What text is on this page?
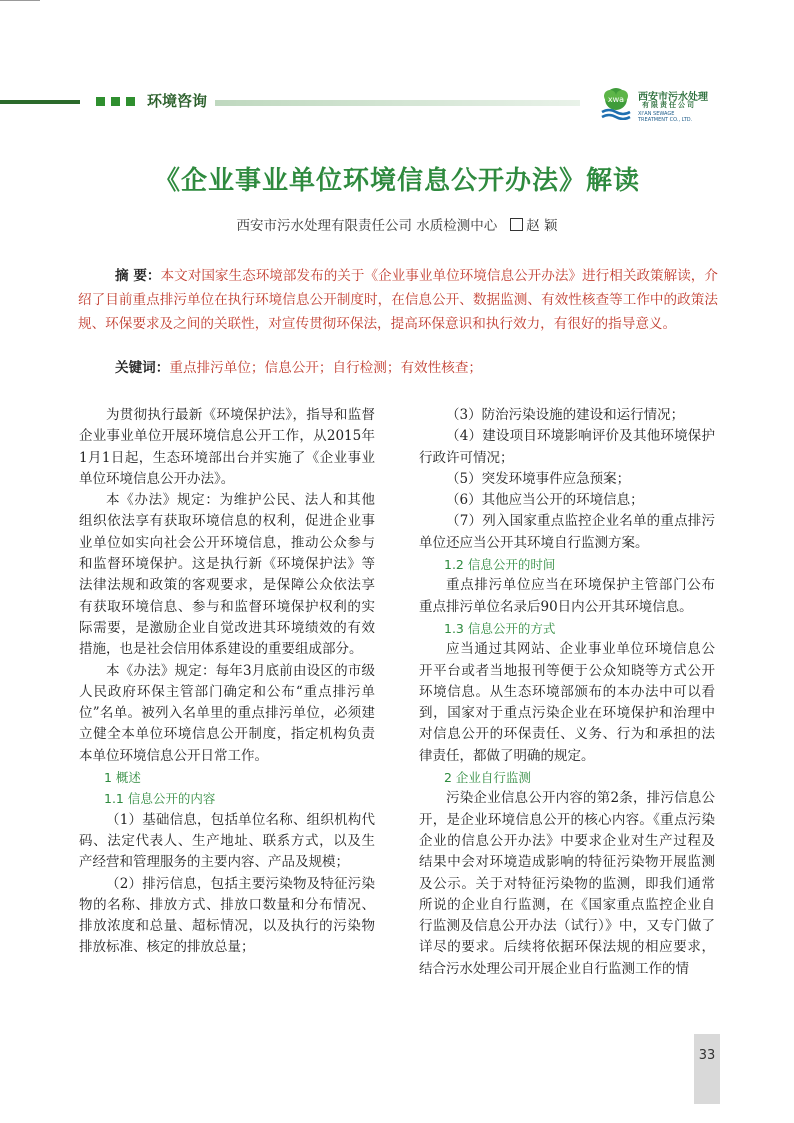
环境咨询	xwa 西安市污水处理
有限责任公司
XI'AN SEWAGE TREATMENT CO., LTD.
《企业事业单位环境信息公开办法》解读
西安市污水处理有限责任公司 水质检测中心 赵 颖
摘 要：本文对国家生态环境部发布的关于《企业事业单位环境信息公开办法》进行相关政策解读，介绍了目前重点排污单位在执行环境信息公开制度时，在信息公开、数据监测、有效性核查等工作中的政策法规、环保要求及之间的关联性，对宣传贯彻环保法，提高环保意识和执行效力，有很好的指导意义。
关键词：重点排污单位；信息公开；自行检测；有效性核查；

为贯彻执行最新《环境保护法》，指导和监督企业事业单位开展环境信息公开工作，从2015年1月1日起，生态环境部出台并实施了《企业事业单位环境信息公开办法》。

本《办法》规定：为维护公民、法人和其他组织依法享有获取环境信息的权利，促进企业事业单位如实向社会公开环境信息，推动公众参与和监督环境保护。这是执行新《环境保护法》等法律法规和政策的客观要求，是保障公众依法享有获取环境信息、参与和监督环境保护权利的实际需要，是激励企业自觉改进其环境绩效的有效措施，也是社会信用体系建设的重要组成部分。

本《办法》规定：每年3月底前由设区的市级人民政府环保主管部门确定和公布“重点排污单位”名单。被列入名单里的重点排污单位，必须建立健全本单位环境信息公开制度，指定机构负责本单位环境信息公开日常工作。

1 概述

1.1 信息公开的内容

（1）基础信息，包括单位名称、组织机构代码、法定代表人、生产地址、联系方式，以及生产经营和管理服务的主要内容、产品及规模；

（2）排污信息，包括主要污染物及特征污染物的名称、排放方式、排放口数量和分布情况、排放浓度和总量、超标情况，以及执行的污染物排放标准、核定的排放总量；

（3）防治污染设施的建设和运行情况；

（4）建设项目环境影响评价及其他环境保护行政许可情况；

（5）突发环境事件应急预案；

（6）其他应当公开的环境信息；

（7）列入国家重点监控企业名单的重点排污单位还应当公开其环境自行监测方案。

1.2 信息公开的时间

重点排污单位应当在环境保护主管部门公布重点排污单位名录后90日内公开其环境信息。

1.3 信息公开的方式

应当通过其网站、企业事业单位环境信息公开平台或者当地报刊等便于公众知晓等方式公开环境信息。从生态环境部颁布的本办法中可以看到，国家对于重点污染企业在环境保护和治理中对信息公开的环保责任、义务、行为和承担的法律责任，都做了明确的规定。

2 企业自行监测

污染企业信息公开内容的第2条，排污信息公开，是企业环境信息公开的核心内容。《重点污染企业的信息公开办法》中要求企业对生产过程及结果中会对环境造成影响的特征污染物开展监测及公示。关于对特征污染物的监测，即我们通常所说的企业自行监测，在《国家重点监控企业自行监测及信息公开办法（试行）》中，又专门做了详尽的要求。后续将依据环保法规的相应要求，结合污水处理公司开展企业自行监测工作的情

33
